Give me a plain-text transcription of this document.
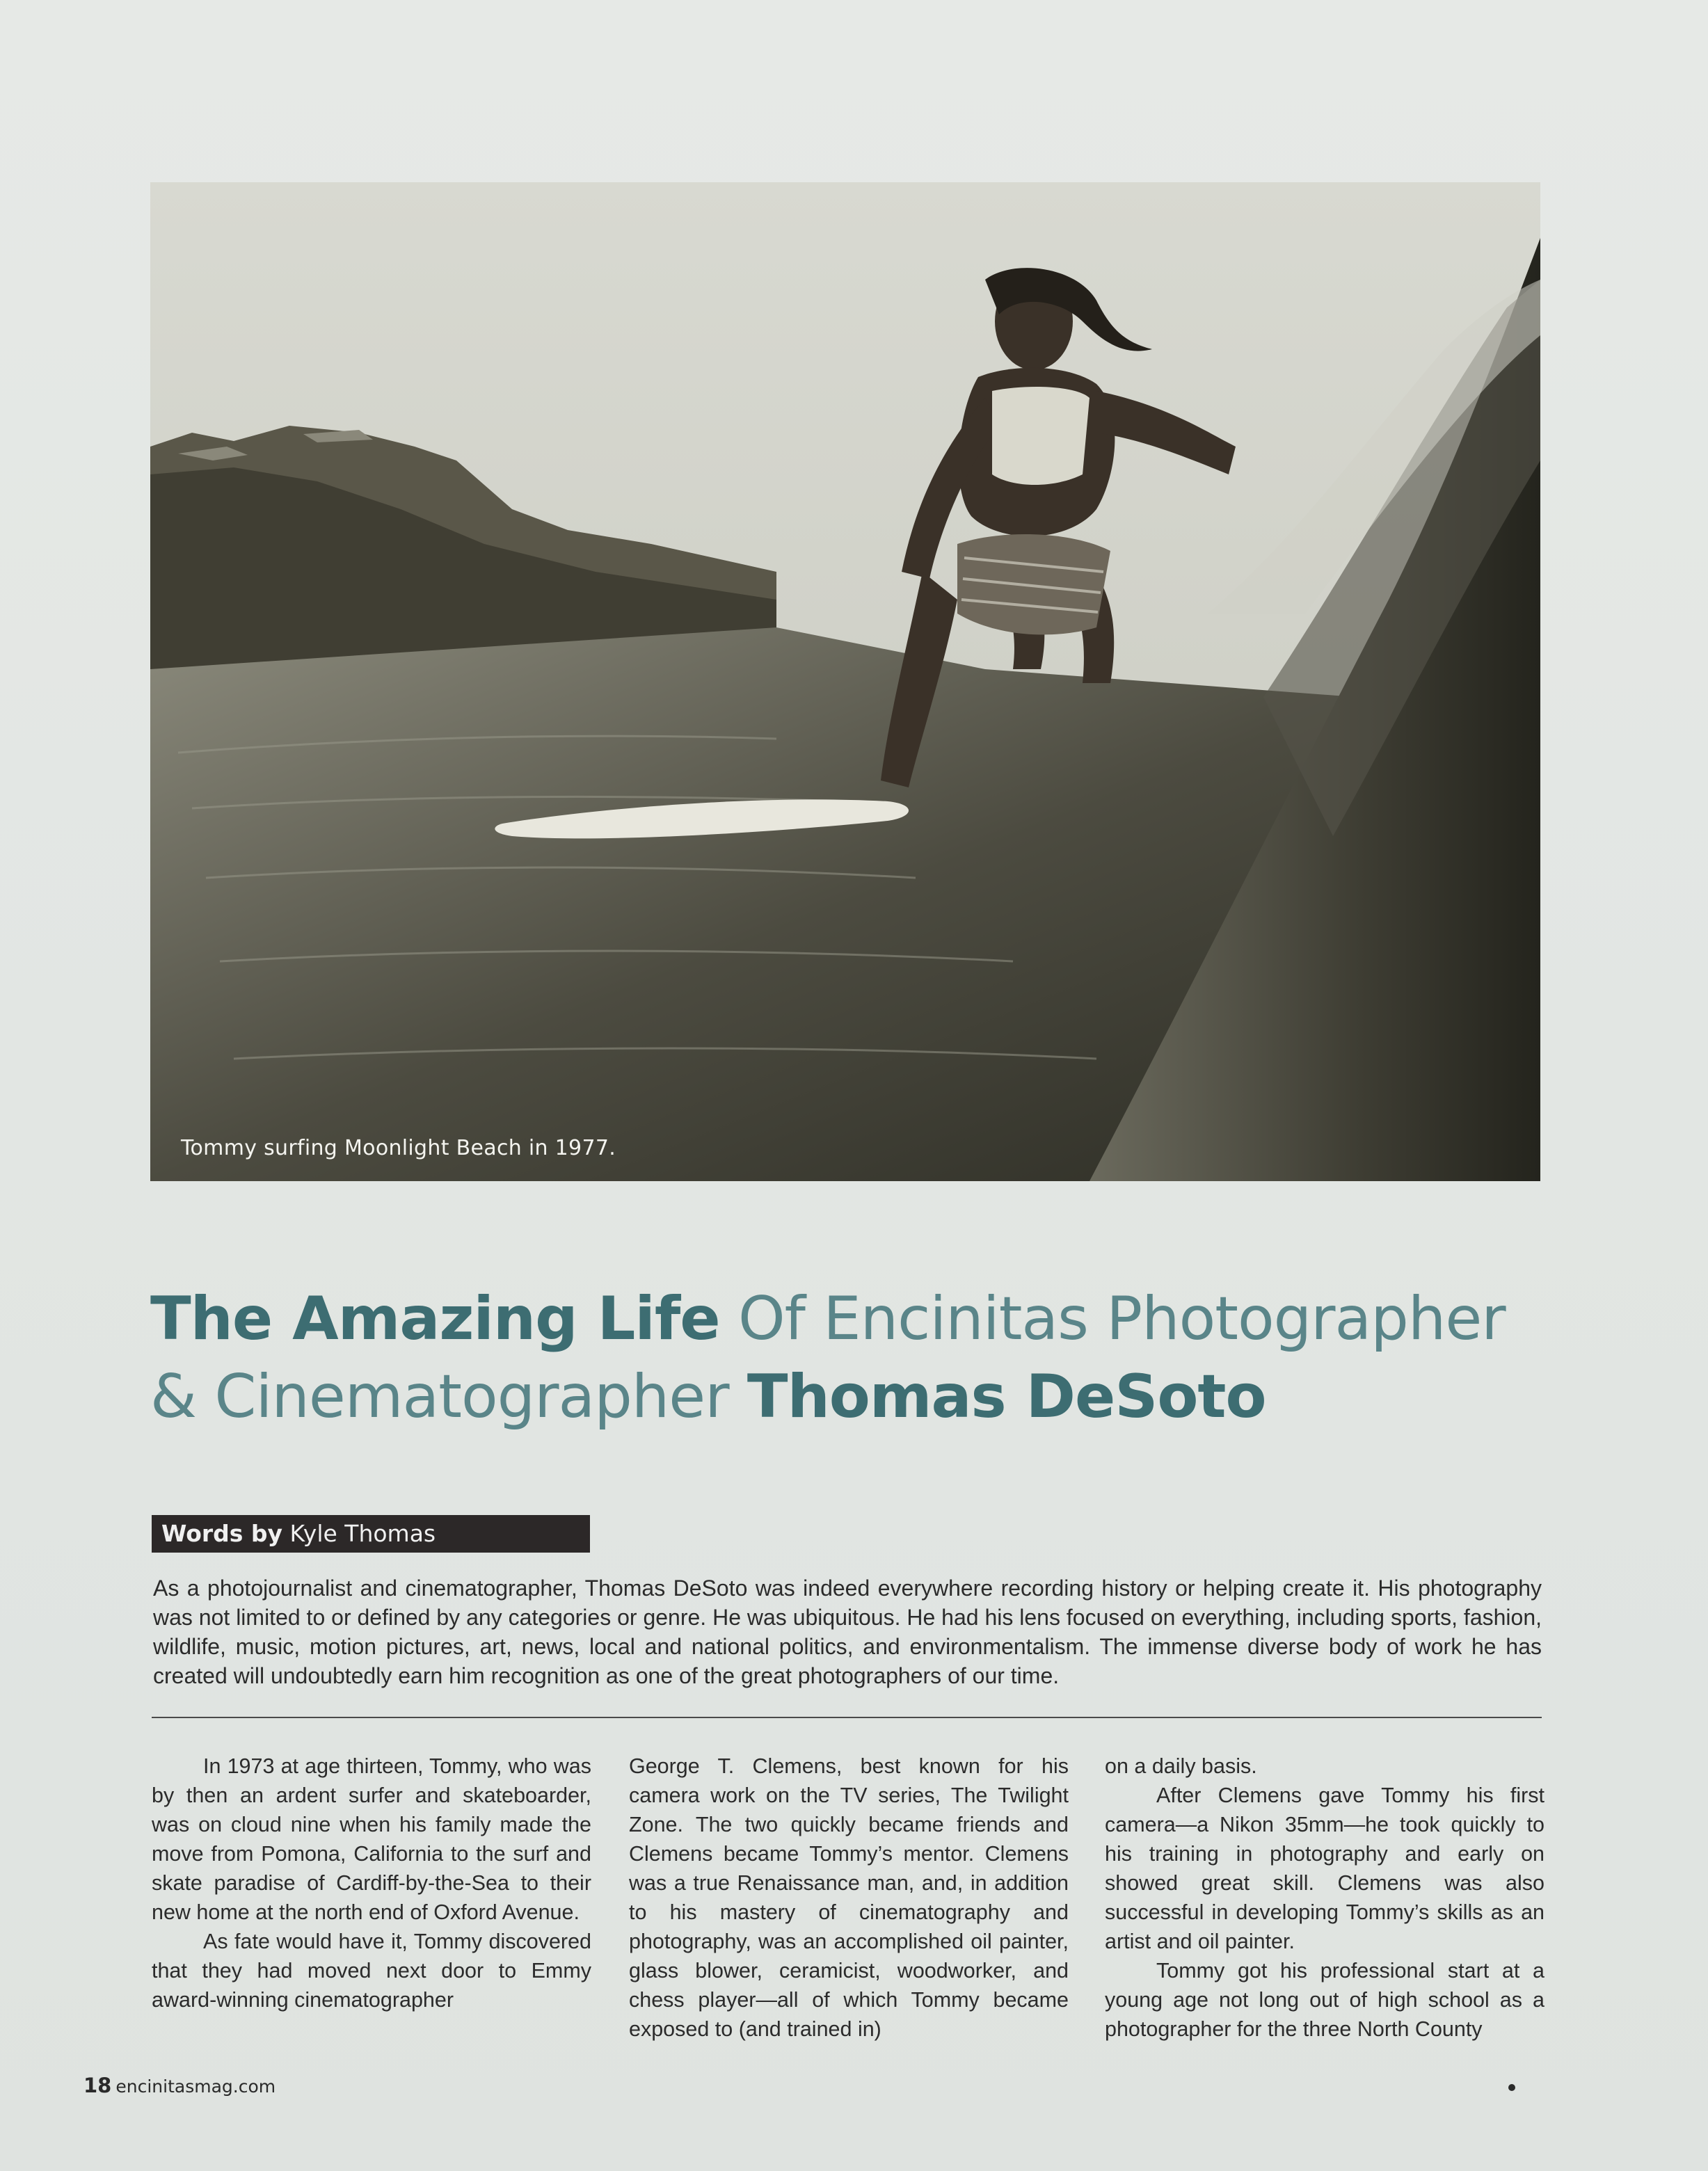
Tommy surfing Moonlight Beach in 1977.
The Amazing Life Of Encinitas Photographer
& Cinematographer Thomas DeSoto
Words by Kyle Thomas
As a photojournalist and cinematographer, Thomas DeSoto was indeed everywhere recording history or helping create it. His photography was not limited to or defined by any categories or genre. He was ubiquitous. He had his lens focused on everything, including sports, fashion, wildlife, music, motion pictures, art, news, local and national politics, and environmentalism. The immense diverse body of work he has created will undoubtedly earn him recognition as one of the great photographers of our time.

In 1973 at age thirteen, Tommy, who was by then an ardent surfer and skateboarder, was on cloud nine when his family made the move from Pomona, California to the surf and skate paradise of Cardiff-by-the-Sea to their new home at the north end of Oxford Avenue.

As fate would have it, Tommy discovered that they had moved next door to Emmy award-winning cinematographer

George T. Clemens, best known for his camera work on the TV series, The Twilight Zone. The two quickly became friends and Clemens became Tommy’s mentor. Clemens was a true Renaissance man, and, in addition to his mastery of cinematography and photography, was an accomplished oil painter, glass blower, ceramicist, woodworker, and chess player—all of which Tommy became exposed to (and trained in)

on a daily basis.

After Clemens gave Tommy his first camera—a Nikon 35mm—he took quickly to his training in photography and early on showed great skill. Clemens was also successful in developing Tommy’s skills as an artist and oil painter.

Tommy got his professional start at a young age not long out of high school as a photographer for the three North County

18 encinitasmag.com
